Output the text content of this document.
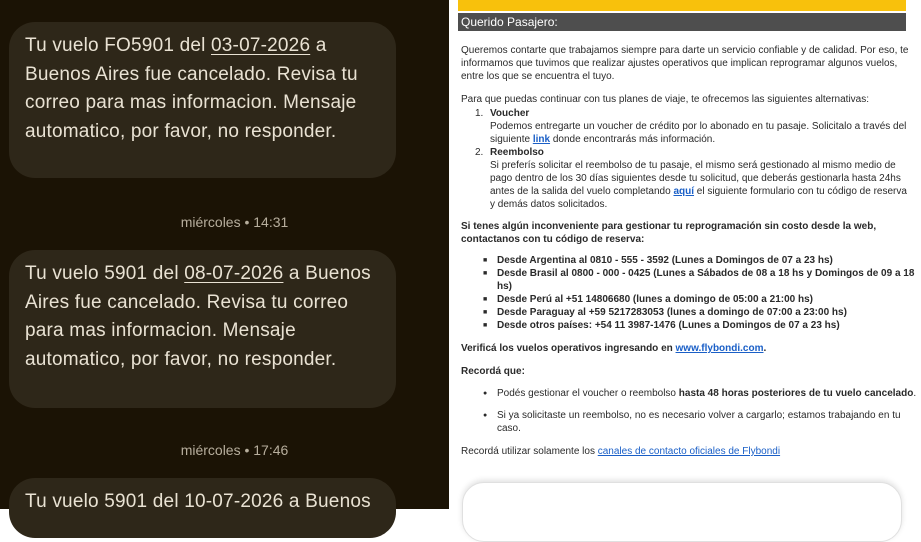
Tu vuelo FO5901 del 03-07-2026 a Buenos Aires fue cancelado. Revisa tu correo para mas informacion. Mensaje automatico, por favor, no responder.
miércoles • 14:31
Tu vuelo 5901 del 08-07-2026 a Buenos Aires fue cancelado. Revisa tu correo para mas informacion. Mensaje automatico, por favor, no responder.
miércoles • 17:46
Tu vuelo 5901 del 10-07-2026 a Buenos
Querido Pasajero:

Queremos contarte que trabajamos siempre para darte un servicio confiable y de calidad. Por eso, te informamos que tuvimos que realizar ajustes operativos que implican reprogramar algunos vuelos, entre los que se encuentra el tuyo.

Para que puedas continuar con tus planes de viaje, te ofrecemos las siguientes alternativas:

1. Voucher

Podemos entregarte un voucher de crédito por lo abonado en tu pasaje. Solicitalo a través del siguiente link donde encontrarás más información.

2. Reembolso

Si preferís solicitar el reembolso de tu pasaje, el mismo será gestionado al mismo medio de pago dentro de los 30 días siguientes desde tu solicitud, que deberás gestionarla hasta 24hs antes de la salida del vuelo completando aquí el siguiente formulario con tu código de reserva y demás datos solicitados.

Si tenes algún inconveniente para gestionar tu reprogramación sin costo desde la web, contactanos con tu código de reserva:

■ Desde Argentina al 0810 - 555 - 3592 (Lunes a Domingos de 07 a 23 hs)
■ Desde Brasil al 0800 - 000 - 0425 (Lunes a Sábados de 08 a 18 hs y Domingos de 09 a 18 hs)
■ Desde Perú al +51 14806680 (lunes a domingo de 05:00 a 21:00 hs)
■ Desde Paraguay al +59 5217283053 (lunes a domingo de 07:00 a 23:00 hs)
■ Desde otros países: +54 11 3987-1476 (Lunes a Domingos de 07 a 23 hs)

Verificá los vuelos operativos ingresando en www.flybondi.com.

Recordá que:

● Podés gestionar el voucher o reembolso hasta 48 horas posteriores de tu vuelo cancelado.
● Si ya solicitaste un reembolso, no es necesario volver a cargarlo; estamos trabajando en tu caso.

Recordá utilizar solamente los canales de contacto oficiales de Flybondi
